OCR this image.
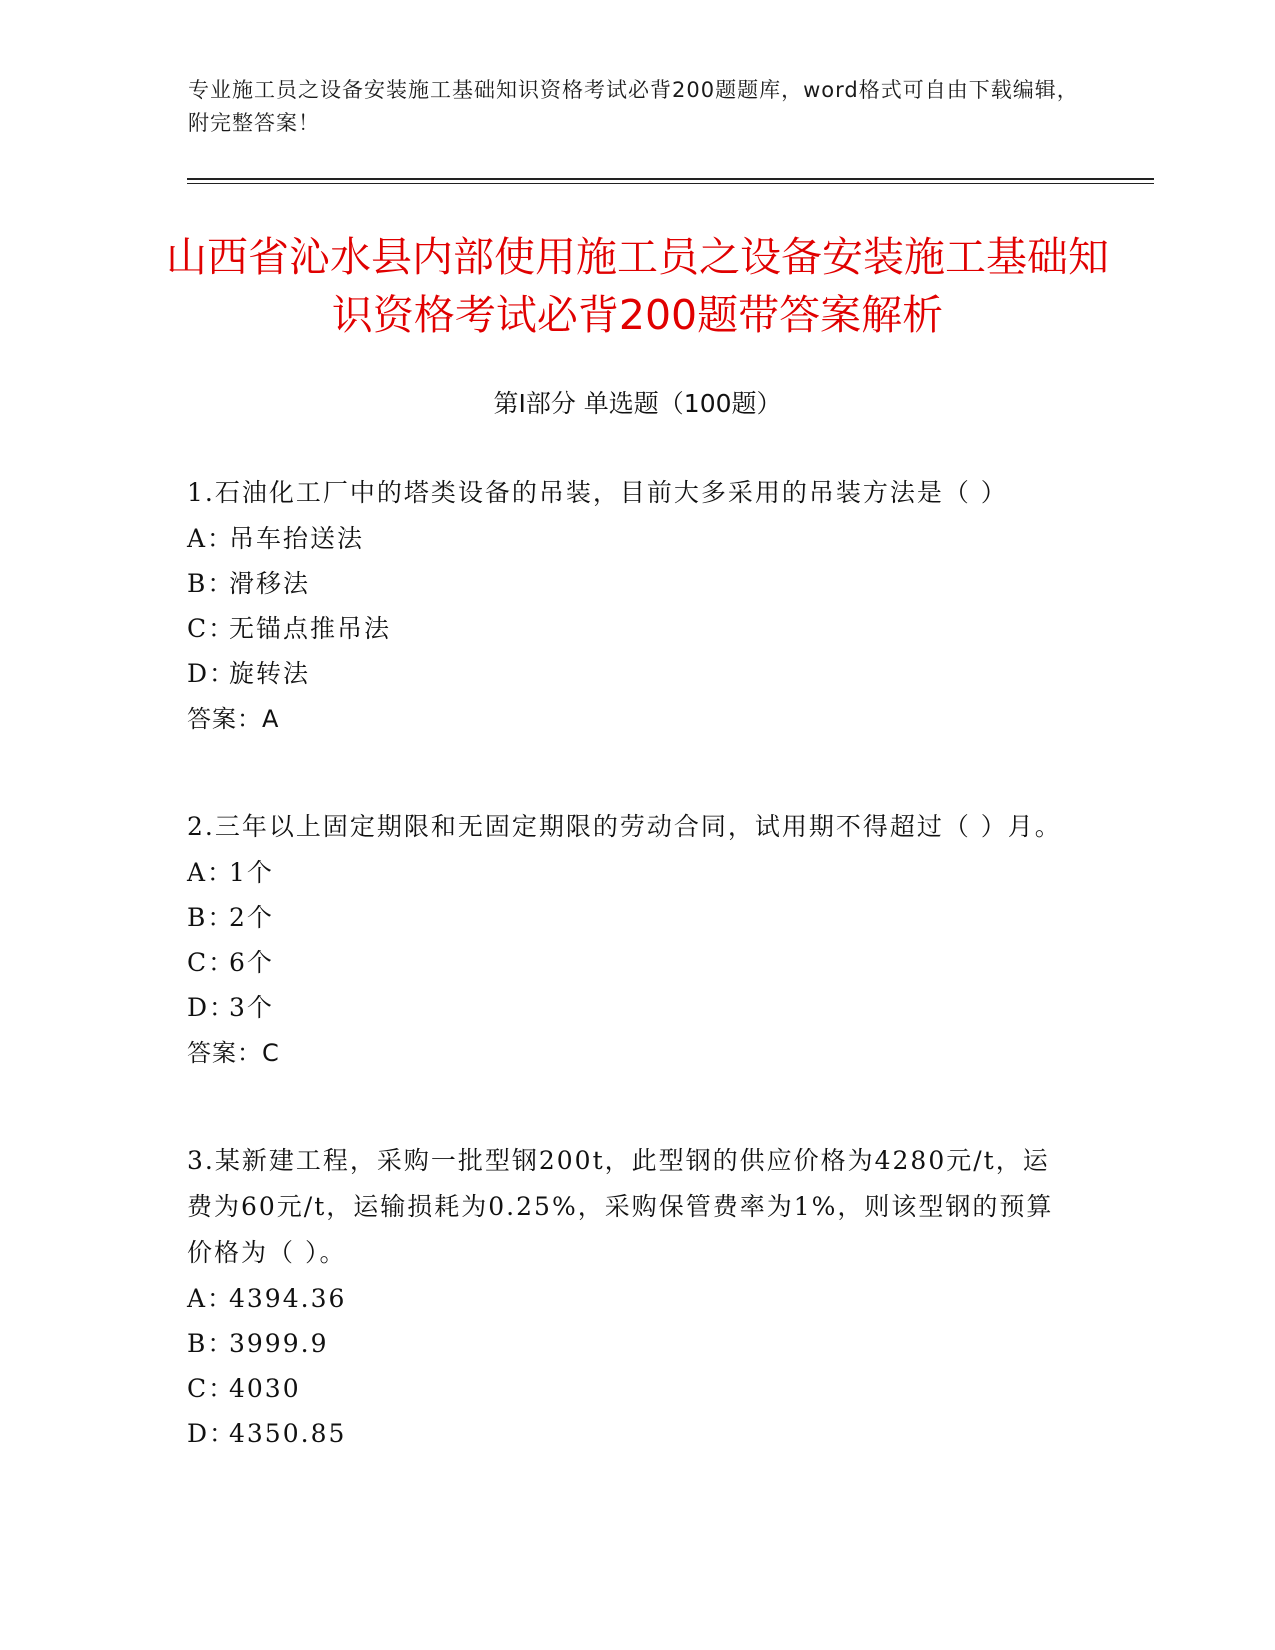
专业施工员之设备安装施工基础知识资格考试必背200题题库，word格式可自由下载编辑，附完整答案！
山西省沁水县内部使用施工员之设备安装施工基础知识资格考试必背200题带答案解析
第Ⅰ部分 单选题（100题）

1.石油化工厂中的塔类设备的吊装，目前大多采用的吊装方法是（ ）

A：吊车抬送法

B：滑移法

C：无锚点推吊法

D：旋转法

答案：A

2.三年以上固定期限和无固定期限的劳动合同，试用期不得超过（ ）月。

A：1个

B：2个

C：6个

D：3个

答案：C

3.某新建工程，采购一批型钢200t，此型钢的供应价格为4280元/t，运费为60元/t，运输损耗为0.25%，采购保管费率为1%，则该型钢的预算价格为（ ）。

A：4394.36

B：3999.9

C：4030

D：4350.85
